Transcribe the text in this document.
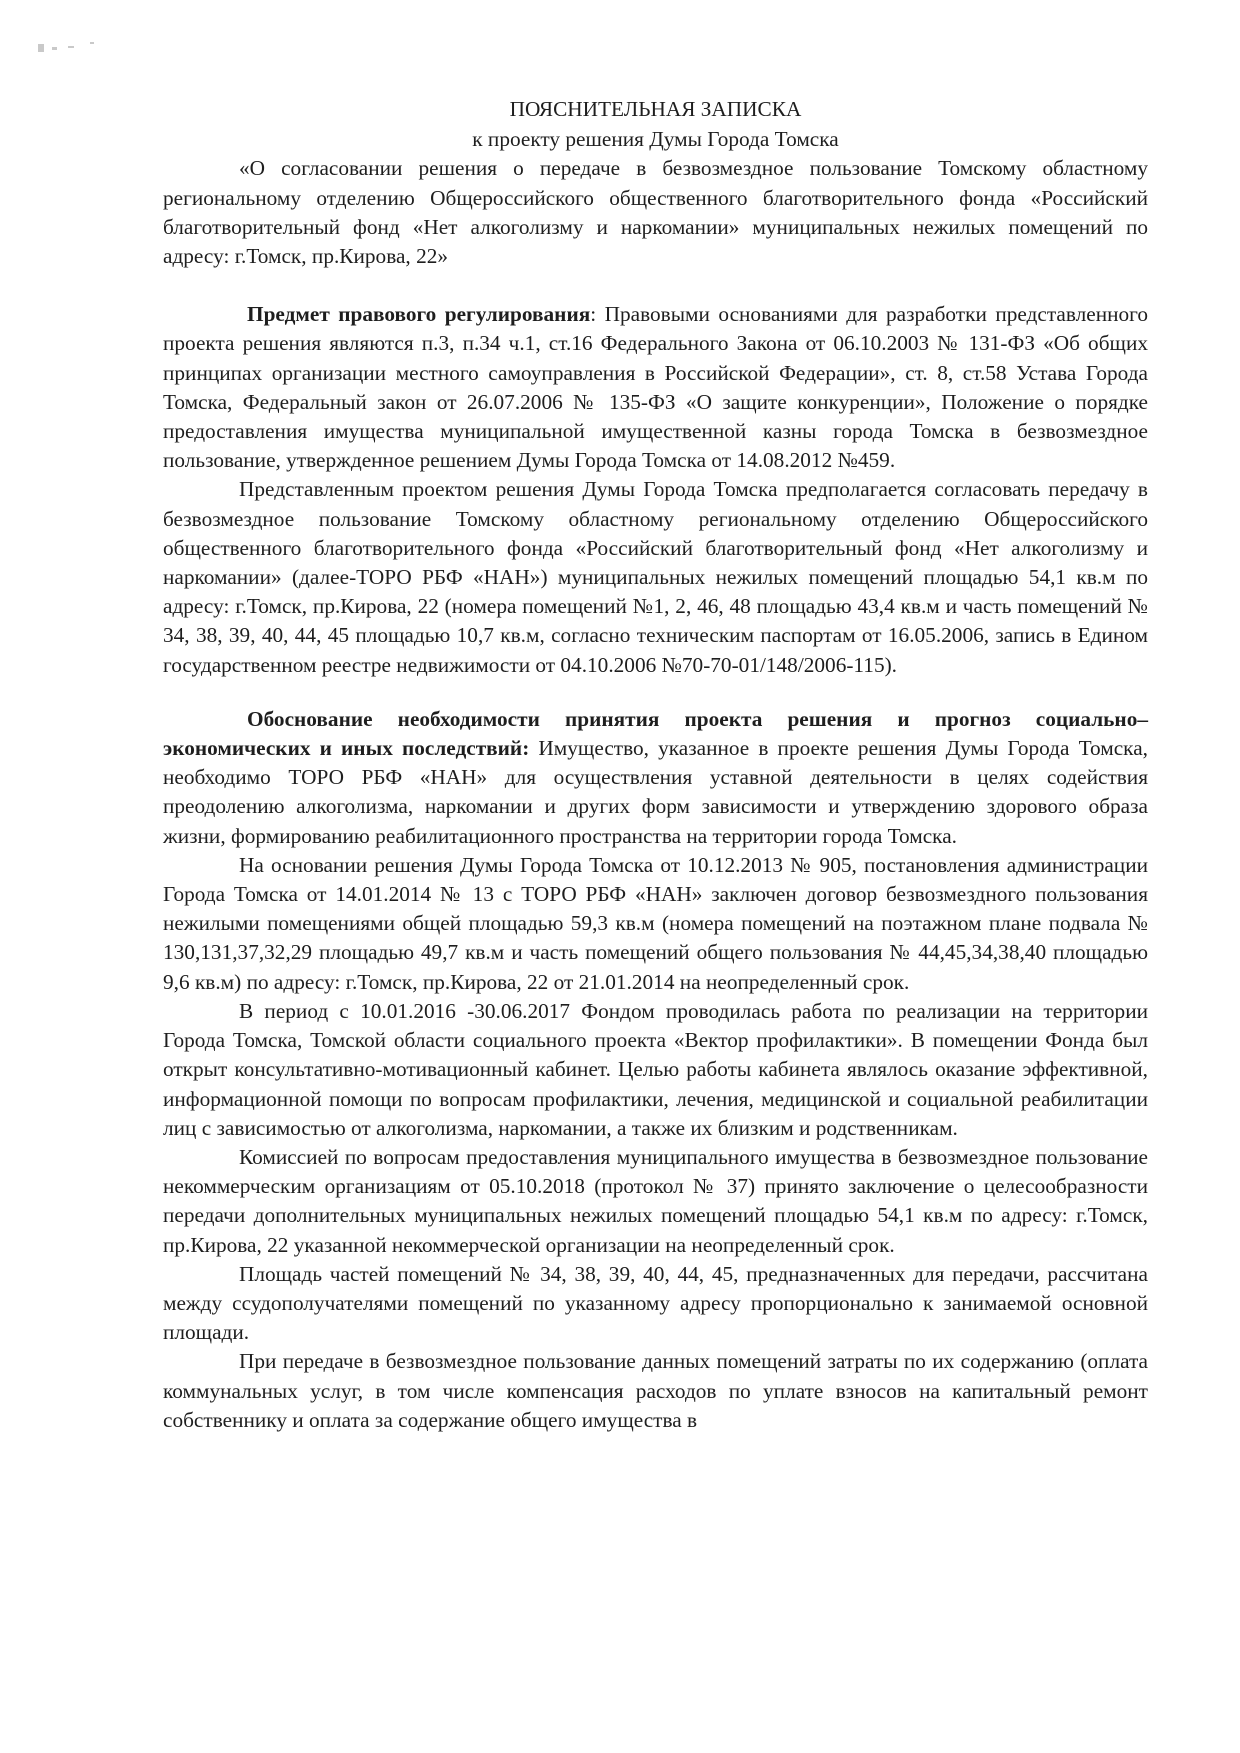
ПОЯСНИТЕЛЬНАЯ ЗАПИСКА

к проекту решения Думы Города Томска

«О согласовании решения о передаче в безвозмездное пользование Томскому областному региональному отделению Общероссийского общественного благотворительного фонда «Российский благотворительный фонд «Нет алкоголизму и наркомании» муниципальных нежилых помещений по адресу: г.Томск, пр.Кирова, 22»

Предмет правового регулирования: Правовыми основаниями для разработки представленного проекта решения являются п.3, п.34 ч.1, ст.16 Федерального Закона от 06.10.2003 № 131-ФЗ «Об общих принципах организации местного самоуправления в Российской Федерации», ст. 8, ст.58 Устава Города Томска, Федеральный закон от 26.07.2006 № 135-ФЗ «О защите конкуренции», Положение о порядке предоставления имущества муниципальной имущественной казны города Томска в безвозмездное пользование, утвержденное решением Думы Города Томска от 14.08.2012 №459.

Представленным проектом решения Думы Города Томска предполагается согласовать передачу в безвозмездное пользование Томскому областному региональному отделению Общероссийского общественного благотворительного фонда «Российский благотворительный фонд «Нет алкоголизму и наркомании» (далее-ТОРО РБФ «НАН») муниципальных нежилых помещений площадью 54,1 кв.м по адресу: г.Томск, пр.Кирова, 22 (номера помещений №1, 2, 46, 48 площадью 43,4 кв.м и часть помещений № 34, 38, 39, 40, 44, 45 площадью 10,7 кв.м, согласно техническим паспортам от 16.05.2006, запись в Едином государственном реестре недвижимости от 04.10.2006 №70-70-01/148/2006-115).

Обоснование необходимости принятия проекта решения и прогноз социально–экономических и иных последствий: Имущество, указанное в проекте решения Думы Города Томска, необходимо ТОРО РБФ «НАН» для осуществления уставной деятельности в целях содействия преодолению алкоголизма, наркомании и других форм зависимости и утверждению здорового образа жизни, формированию реабилитационного пространства на территории города Томска.

На основании решения Думы Города Томска от 10.12.2013 № 905, постановления администрации Города Томска от 14.01.2014 № 13 с ТОРО РБФ «НАН» заключен договор безвозмездного пользования нежилыми помещениями общей площадью 59,3 кв.м (номера помещений на поэтажном плане подвала № 130,131,37,32,29 площадью 49,7 кв.м и часть помещений общего пользования № 44,45,34,38,40 площадью 9,6 кв.м) по адресу: г.Томск, пр.Кирова, 22 от 21.01.2014 на неопределенный срок.

В период с 10.01.2016 -30.06.2017 Фондом проводилась работа по реализации на территории Города Томска, Томской области социального проекта «Вектор профилактики». В помещении Фонда был открыт консультативно-мотивационный кабинет. Целью работы кабинета являлось оказание эффективной, информационной помощи по вопросам профилактики, лечения, медицинской и социальной реабилитации лиц с зависимостью от алкоголизма, наркомании, а также их близким и родственникам.

Комиссией по вопросам предоставления муниципального имущества в безвозмездное пользование некоммерческим организациям от 05.10.2018 (протокол № 37) принято заключение о целесообразности передачи дополнительных муниципальных нежилых помещений площадью 54,1 кв.м по адресу: г.Томск, пр.Кирова, 22 указанной некоммерческой организации на неопределенный срок.

Площадь частей помещений № 34, 38, 39, 40, 44, 45, предназначенных для передачи, рассчитана между ссудополучателями помещений по указанному адресу пропорционально к занимаемой основной площади.

При передаче в безвозмездное пользование данных помещений затраты по их содержанию (оплата коммунальных услуг, в том числе компенсация расходов по уплате взносов на капитальный ремонт собственнику и оплата за содержание общего имущества в
